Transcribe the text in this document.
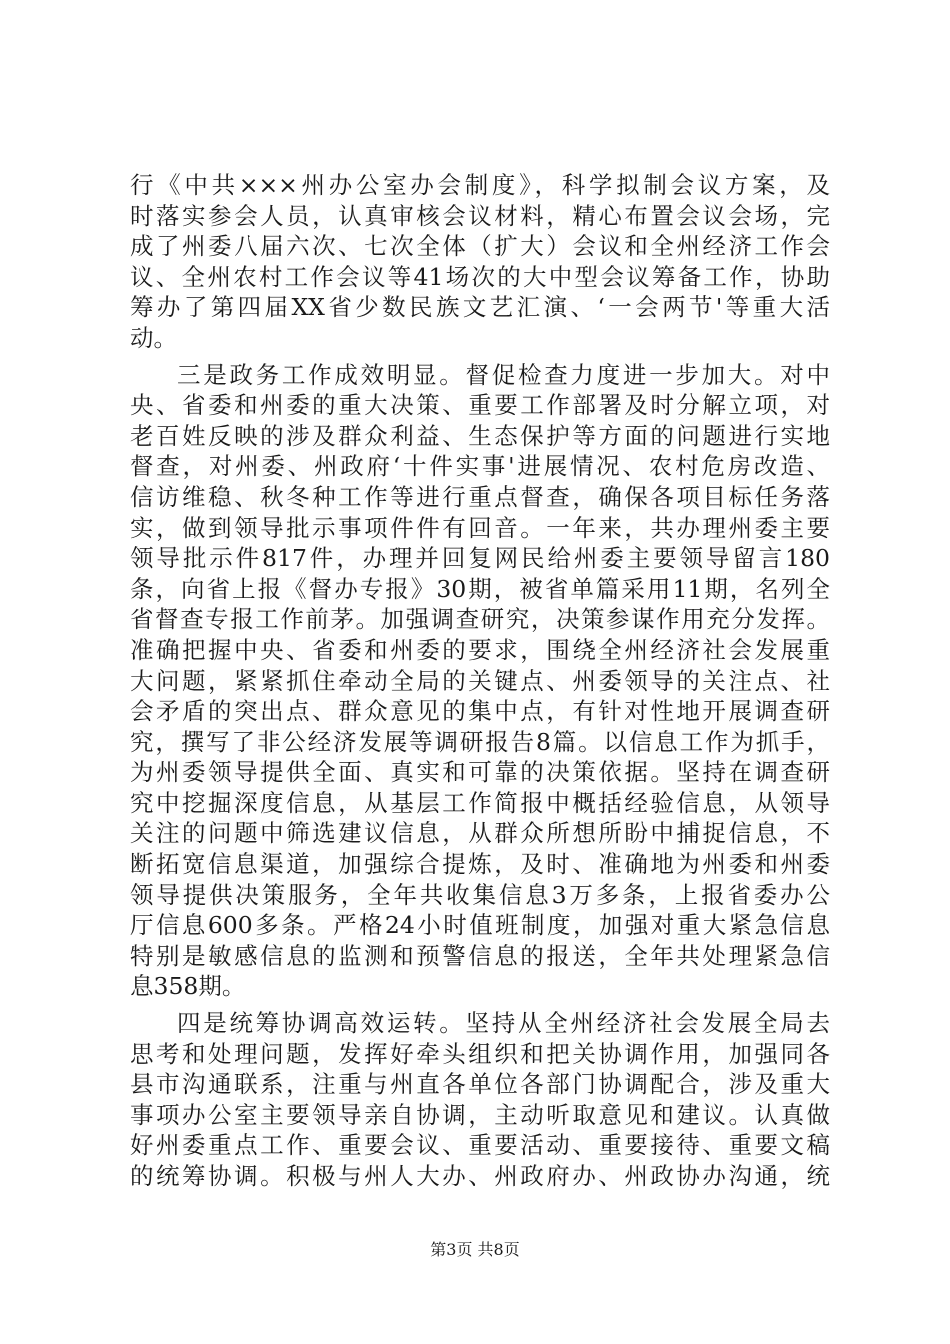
行《中共×××州办公室办会制度》，科学拟制会议方案，及
时落实参会人员，认真审核会议材料，精心布置会议会场，完
成了州委八届六次、七次全体（扩大）会议和全州经济工作会
议、全州农村工作会议等41场次的大中型会议筹备工作，协助
筹办了第四届XX省少数民族文艺汇演、‘一会两节'等重大活
动。
三是政务工作成效明显。督促检查力度进一步加大。对中
央、省委和州委的重大决策、重要工作部署及时分解立项，对
老百姓反映的涉及群众利益、生态保护等方面的问题进行实地
督查，对州委、州政府‘十件实事'进展情况、农村危房改造、
信访维稳、秋冬种工作等进行重点督查，确保各项目标任务落
实，做到领导批示事项件件有回音。一年来，共办理州委主要
领导批示件817件，办理并回复网民给州委主要领导留言180
条，向省上报《督办专报》30期，被省单篇采用11期，名列全
省督查专报工作前茅。加强调查研究，决策参谋作用充分发挥。
准确把握中央、省委和州委的要求，围绕全州经济社会发展重
大问题，紧紧抓住牵动全局的关键点、州委领导的关注点、社
会矛盾的突出点、群众意见的集中点，有针对性地开展调查研
究，撰写了非公经济发展等调研报告8篇。以信息工作为抓手，
为州委领导提供全面、真实和可靠的决策依据。坚持在调查研
究中挖掘深度信息，从基层工作简报中概括经验信息，从领导
关注的问题中筛选建议信息，从群众所想所盼中捕捉信息，不
断拓宽信息渠道，加强综合提炼，及时、准确地为州委和州委
领导提供决策服务，全年共收集信息3万多条，上报省委办公
厅信息600多条。严格24小时值班制度，加强对重大紧急信息
特别是敏感信息的监测和预警信息的报送，全年共处理紧急信
息358期。
四是统筹协调高效运转。坚持从全州经济社会发展全局去
思考和处理问题，发挥好牵头组织和把关协调作用，加强同各
县市沟通联系，注重与州直各单位各部门协调配合，涉及重大
事项办公室主要领导亲自协调，主动听取意见和建议。认真做
好州委重点工作、重要会议、重要活动、重要接待、重要文稿
的统筹协调。积极与州人大办、州政府办、州政协办沟通，统
第3页 共8页
